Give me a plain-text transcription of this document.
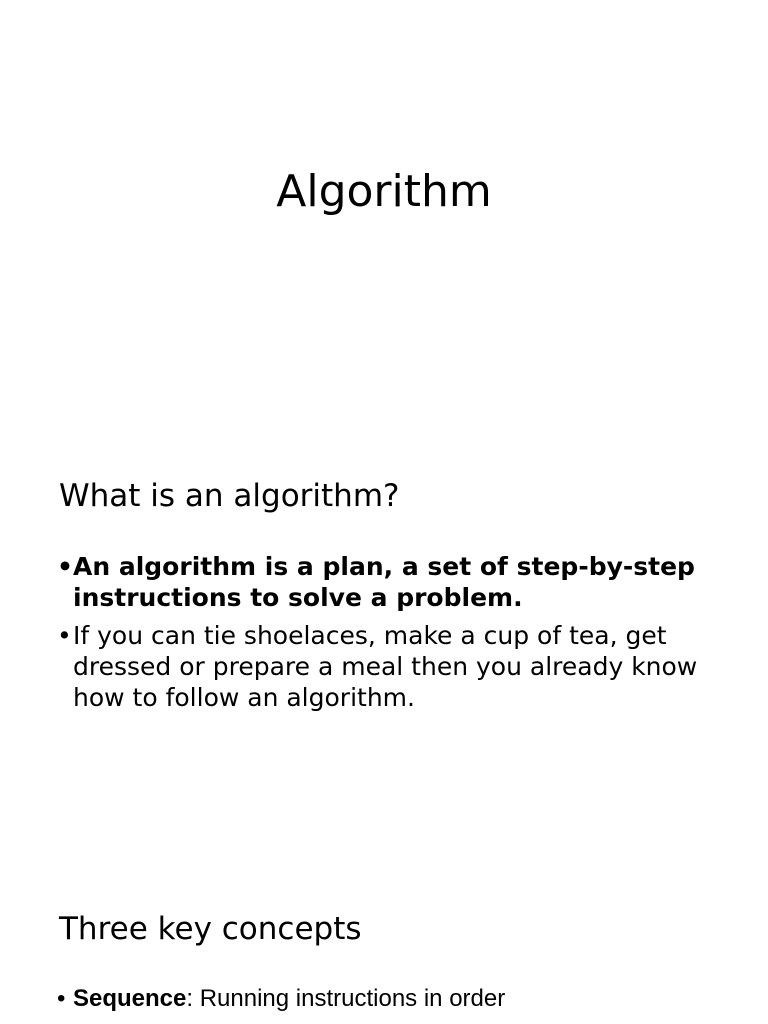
Algorithm
What is an algorithm?
• An algorithm is a plan, a set of step-by-step instructions to solve a problem.
• If you can tie shoelaces, make a cup of tea, get dressed or prepare a meal then you already know how to follow an algorithm.
Three key concepts
• Sequence: Running instructions in order
